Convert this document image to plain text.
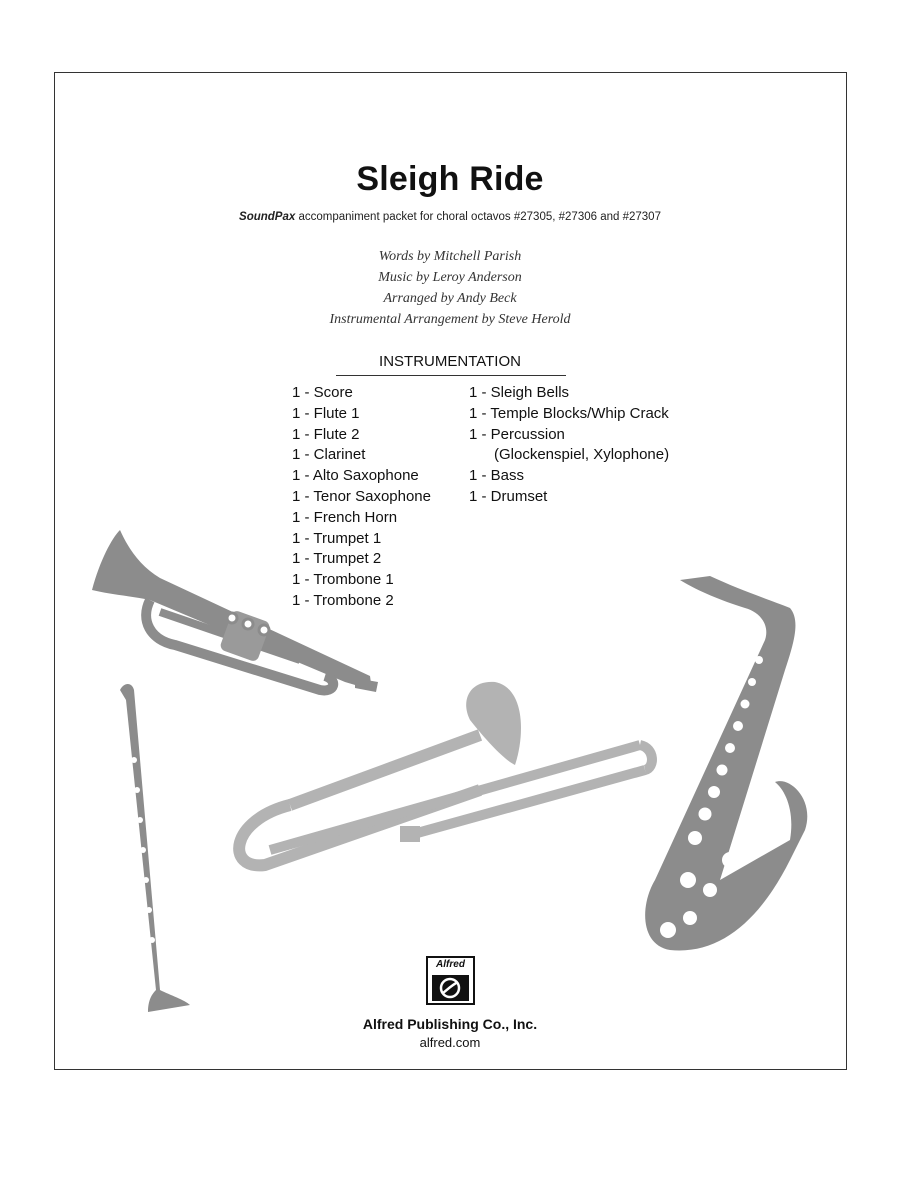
Sleigh Ride
SoundPax accompaniment packet for choral octavos #27305, #27306 and #27307
Words by Mitchell Parish
Music by Leroy Anderson
Arranged by Andy Beck
Instrumental Arrangement by Steve Herold
INSTRUMENTATION
1 - Score
1 - Flute 1
1 - Flute 2
1 - Clarinet
1 - Alto Saxophone
1 - Tenor Saxophone
1 - French Horn
1 - Trumpet 1
1 - Trumpet 2
1 - Trombone 1
1 - Trombone 2
1 - Sleigh Bells
1 - Temple Blocks/Whip Crack
1 - Percussion
(Glockenspiel, Xylophone)
1 - Bass
1 - Drumset
Alfred
Alfred Publishing Co., Inc.
alfred.com
